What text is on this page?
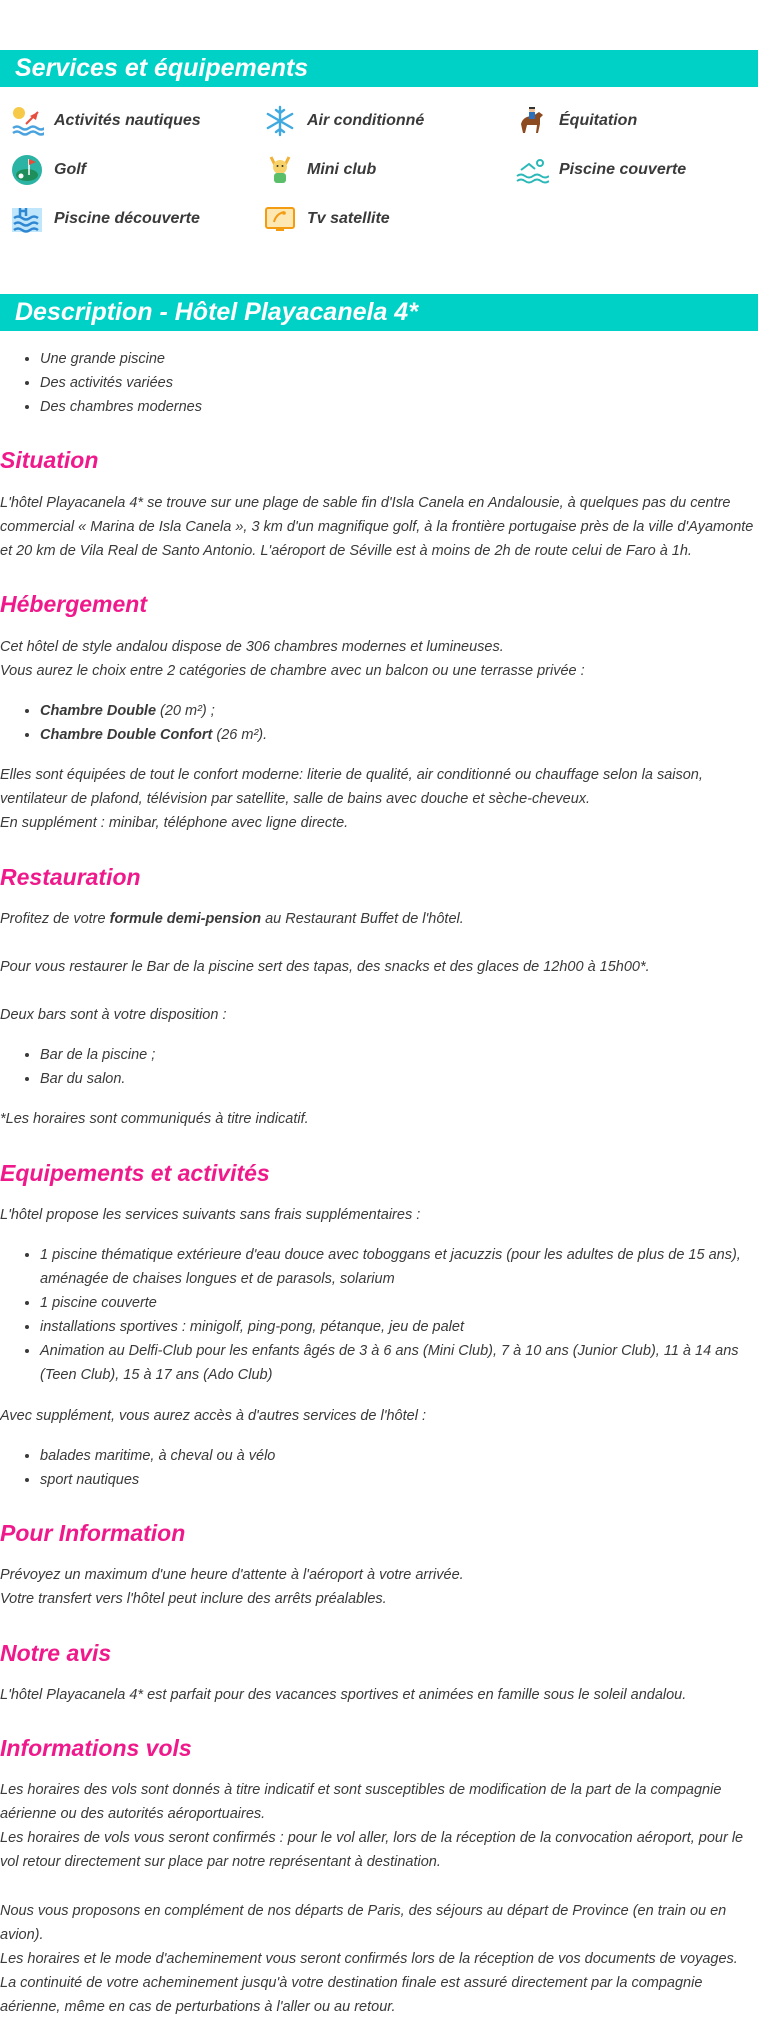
Services et équipements
Activités nautiques	Air conditionné	Équitation
Golf	Mini club	Piscine couverte
Piscine découverte	Tv satellite
Description - Hôtel Playacanela 4*
• Une grande piscine
• Des activités variées
• Des chambres modernes
Situation

L'hôtel Playacanela 4* se trouve sur une plage de sable fin d'Isla Canela en Andalousie, à quelques pas du centre commercial « Marina de Isla Canela », 3 km d'un magnifique golf, à la frontière portugaise près de la ville d'Ayamonte et 20 km de Vila Real de Santo Antonio. L'aéroport de Séville est à moins de 2h de route celui de Faro à 1h.

Hébergement

Cet hôtel de style andalou dispose de 306 chambres modernes et lumineuses.

Vous aurez le choix entre 2 catégories de chambre avec un balcon ou une terrasse privée :

• Chambre Double (20 m²) ;
• Chambre Double Confort (26 m²).

Elles sont équipées de tout le confort moderne: literie de qualité, air conditionné ou chauffage selon la saison, ventilateur de plafond, télévision par satellite, salle de bains avec douche et sèche-cheveux.

En supplément : minibar, téléphone avec ligne directe.

Restauration

Profitez de votre formule demi-pension au Restaurant Buffet de l'hôtel.

Pour vous restaurer le Bar de la piscine sert des tapas, des snacks et des glaces de 12h00 à 15h00*.

Deux bars sont à votre disposition :

• Bar de la piscine ;
• Bar du salon.

*Les horaires sont communiqués à titre indicatif.

Equipements et activités

L'hôtel propose les services suivants sans frais supplémentaires :

• 1 piscine thématique extérieure d'eau douce avec toboggans et jacuzzis (pour les adultes de plus de 15 ans), aménagée de chaises longues et de parasols, solarium
• 1 piscine couverte
• installations sportives : minigolf, ping-pong, pétanque, jeu de palet
• Animation au Delfi-Club pour les enfants âgés de 3 à 6 ans (Mini Club), 7 à 10 ans (Junior Club), 11 à 14 ans (Teen Club), 15 à 17 ans (Ado Club)

Avec supplément, vous aurez accès à d'autres services de l'hôtel :

• balades maritime, à cheval ou à vélo
• sport nautiques
Pour Information

Prévoyez un maximum d'une heure d'attente à l'aéroport à votre arrivée.

Votre transfert vers l'hôtel peut inclure des arrêts préalables.

Notre avis

L'hôtel Playacanela 4* est parfait pour des vacances sportives et animées en famille sous le soleil andalou.

Informations vols

Les horaires des vols sont donnés à titre indicatif et sont susceptibles de modification de la part de la compagnie aérienne ou des autorités aéroportuaires.

Les horaires de vols vous seront confirmés : pour le vol aller, lors de la réception de la convocation aéroport, pour le vol retour directement sur place par notre représentant à destination.

Nous vous proposons en complément de nos départs de Paris, des séjours au départ de Province (en train ou en avion).

Les horaires et le mode d'acheminement vous seront confirmés lors de la réception de vos documents de voyages.

La continuité de votre acheminement jusqu'à votre destination finale est assuré directement par la compagnie aérienne, même en cas de perturbations à l'aller ou au retour.
